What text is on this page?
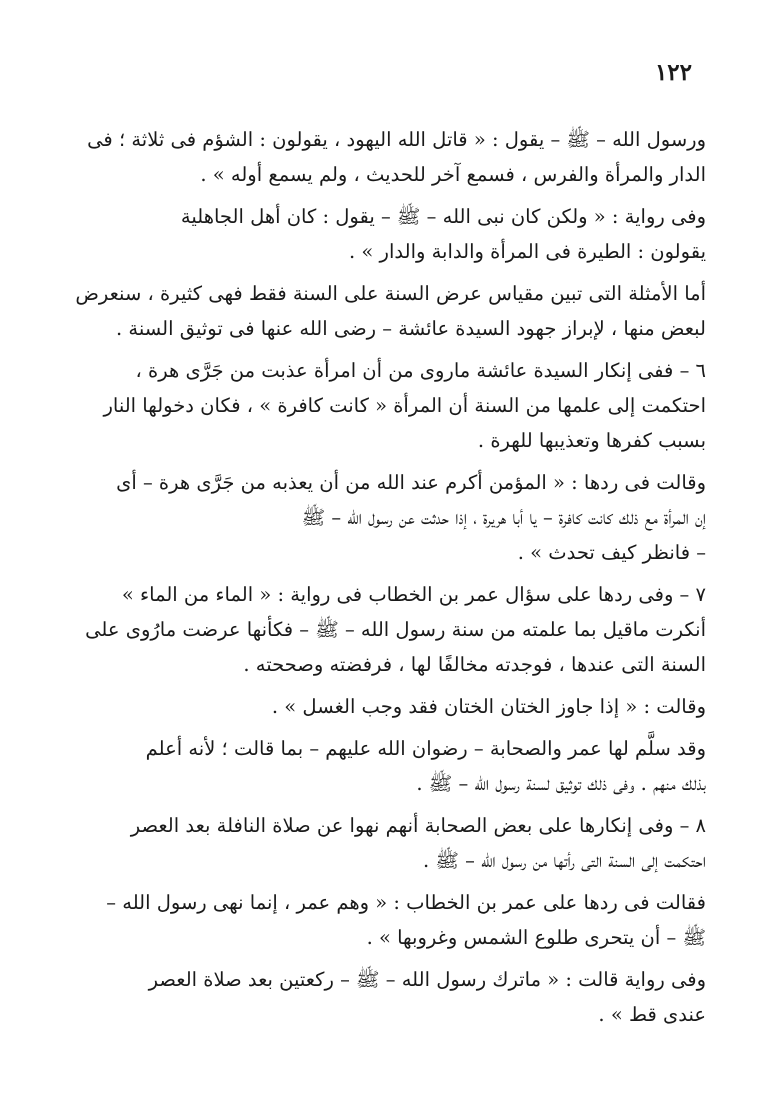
١٢٢
ورسول الله – ﷺ – يقول : « قاتل الله اليهود ، يقولون : الشؤم فى ثلاثة ؛ فى
الدار والمرأة والفرس ، فسمع آخر للحديث ، ولم يسمع أوله » .
وفى رواية : « ولكن كان نبى الله – ﷺ – يقول : كان أهل الجاهلية
يقولون : الطيرة فى المرأة والدابة والدار » .
أما الأمثلة التى تبين مقياس عرض السنة على السنة فقط فهى كثيرة ، سنعرض
لبعض منها ، لإبراز جهود السيدة عائشة – رضى الله عنها فى توثيق السنة .
٦ – ففى إنكار السيدة عائشة ماروى من أن امرأة عذبت من جَرَّى هرة ،
احتكمت إلى علمها من السنة أن المرأة « كانت كافرة » ، فكان دخولها النار
بسبب كفرها وتعذيبها للهرة .
وقالت فى ردها : « المؤمن أكرم عند الله من أن يعذبه من جَرَّى هرة – أى
إن المرأة مع ذلك كانت كافرة – يا أبا هريرة ، إذا حدثت عن رسول الله – ﷺ
– فانظر كيف تحدث » .
٧ – وفى ردها على سؤال عمر بن الخطاب فى رواية : « الماء من الماء »
أنكرت ماقيل بما علمته من سنة رسول الله – ﷺ – فكأنها عرضت مارُوى على
السنة التى عندها ، فوجدته مخالفًا لها ، فرفضته وصححته .
وقالت : « إذا جاوز الختان الختان فقد وجب الغسل » .
وقد سلَّم لها عمر والصحابة – رضوان الله عليهم – بما قالت ؛ لأنه أعلم
بذلك منهم . وفى ذلك توثيق لسنة رسول الله – ﷺ .
٨ – وفى إنكارها على بعض الصحابة أنهم نهوا عن صلاة النافلة بعد العصر
احتكمت إلى السنة التى رأتها من رسول الله – ﷺ .
فقالت فى ردها على عمر بن الخطاب : « وهم عمر ، إنما نهى رسول الله –
ﷺ – أن يتحرى طلوع الشمس وغروبها » .
وفى رواية قالت : « ماترك رسول الله – ﷺ – ركعتين بعد صلاة العصر
عندى قط » .
